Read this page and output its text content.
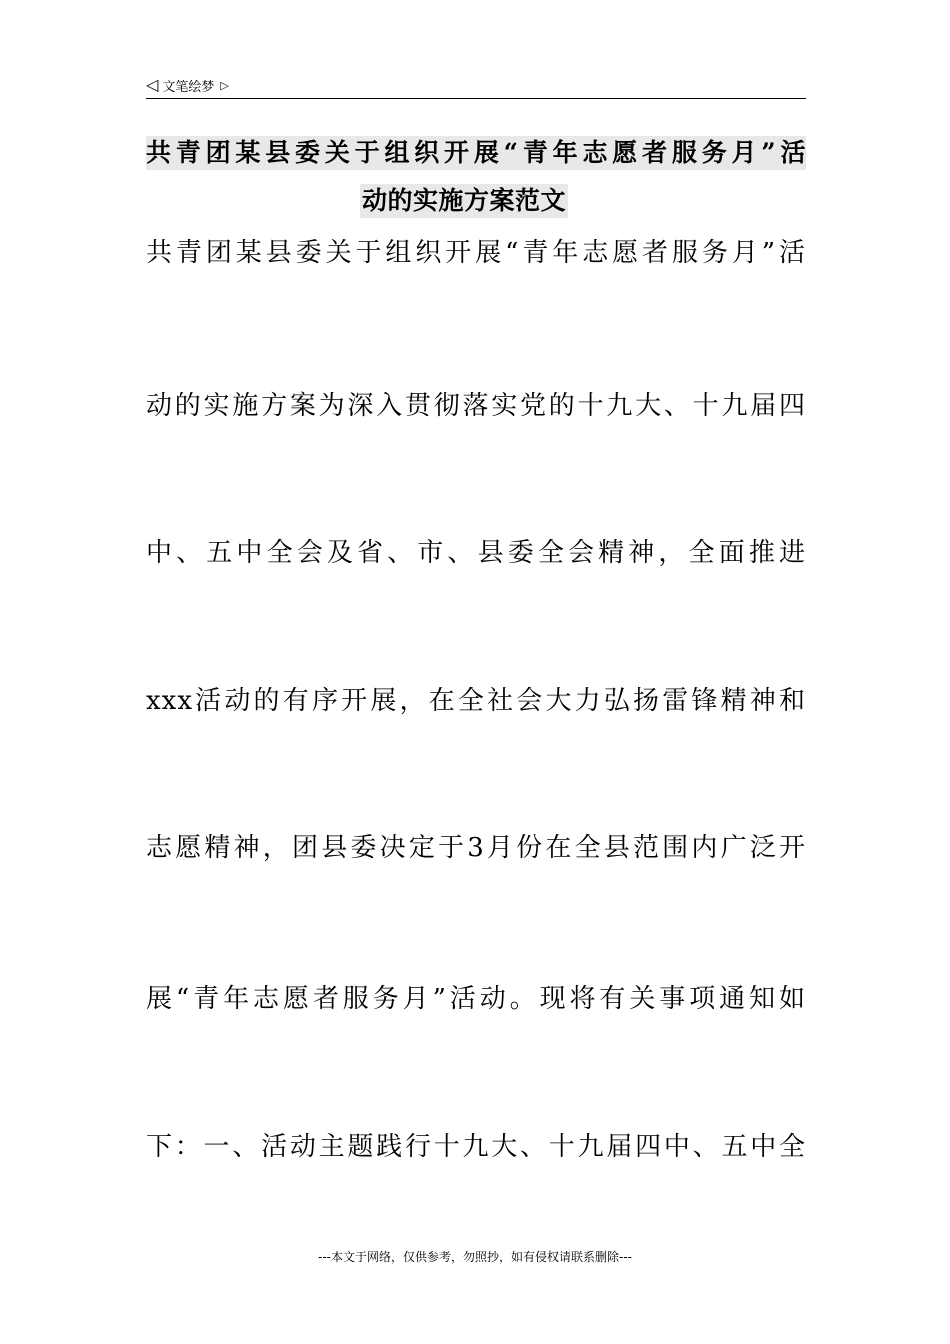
◁ 文笔绘梦 ▷
共青团某县委关于组织开展“青年志愿者服务月”活
动的实施方案范文
共青团某县委关于组织开展“青年志愿者服务月”活
动的实施方案为深入贯彻落实党的十九大、十九届四
中、五中全会及省、市、县委全会精神，全面推进
xxx活动的有序开展，在全社会大力弘扬雷锋精神和
志愿精神，团县委决定于3月份在全县范围内广泛开
展“青年志愿者服务月”活动。现将有关事项通知如
下：一、活动主题践行十九大、十九届四中、五中全
---本文于网络，仅供参考，勿照抄，如有侵权请联系删除---
